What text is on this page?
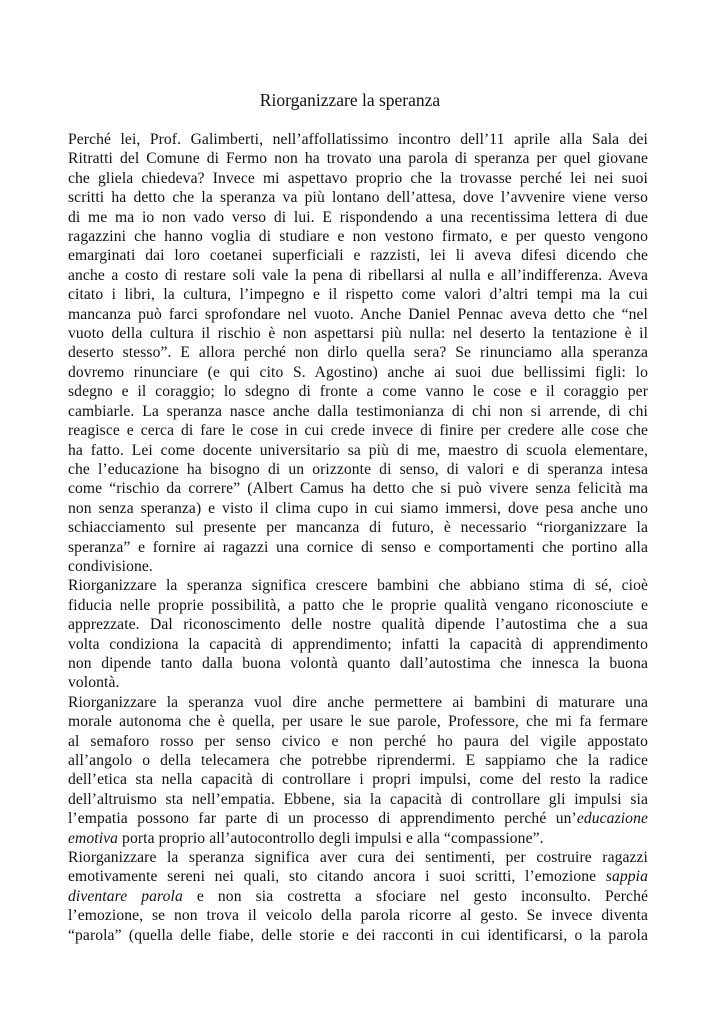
Riorganizzare la speranza
Perché lei, Prof. Galimberti, nell’affollatissimo incontro dell’11 aprile alla Sala dei
Ritratti del Comune di Fermo non ha trovato una parola di speranza per quel giovane
che gliela chiedeva? Invece mi aspettavo proprio che la trovasse perché lei nei suoi
scritti ha detto che la speranza va più lontano dell’attesa, dove l’avvenire viene verso
di me ma io non vado verso di lui. E rispondendo a una recentissima lettera di due
ragazzini che hanno voglia di studiare e non vestono firmato, e per questo vengono
emarginati dai loro coetanei superficiali e razzisti, lei li aveva difesi dicendo che
anche a costo di restare soli vale la pena di ribellarsi al nulla e all’indifferenza. Aveva
citato i libri, la cultura, l’impegno e il rispetto come valori d’altri tempi ma la cui
mancanza può farci sprofondare nel vuoto. Anche Daniel Pennac aveva detto che “nel
vuoto della cultura il rischio è non aspettarsi più nulla: nel deserto la tentazione è il
deserto stesso”. E allora perché non dirlo quella sera? Se rinunciamo alla speranza
dovremo rinunciare (e qui cito S. Agostino) anche ai suoi due bellissimi figli: lo
sdegno e il coraggio; lo sdegno di fronte a come vanno le cose e il coraggio per
cambiarle. La speranza nasce anche dalla testimonianza di chi non si arrende, di chi
reagisce e cerca di fare le cose in cui crede invece di finire per credere alle cose che
ha fatto. Lei come docente universitario sa più di me, maestro di scuola elementare,
che l’educazione ha bisogno di un orizzonte di senso, di valori e di speranza intesa
come “rischio da correre” (Albert Camus ha detto che si può vivere senza felicità ma
non senza speranza) e visto il clima cupo in cui siamo immersi, dove pesa anche uno
schiacciamento sul presente per mancanza di futuro, è necessario “riorganizzare la
speranza” e fornire ai ragazzi una cornice di senso e comportamenti che portino alla
condivisione.
Riorganizzare la speranza significa crescere bambini che abbiano stima di sé, cioè
fiducia nelle proprie possibilità, a patto che le proprie qualità vengano riconosciute e
apprezzate. Dal riconoscimento delle nostre qualità dipende l’autostima che a sua
volta condiziona la capacità di apprendimento; infatti la capacità di apprendimento
non dipende tanto dalla buona volontà quanto dall’autostima che innesca la buona
volontà.
Riorganizzare la speranza vuol dire anche permettere ai bambini di maturare una
morale autonoma che è quella, per usare le sue parole, Professore, che mi fa fermare
al semaforo rosso per senso civico e non perché ho paura del vigile appostato
all’angolo o della telecamera che potrebbe riprendermi. E sappiamo che la radice
dell’etica sta nella capacità di controllare i propri impulsi, come del resto la radice
dell’altruismo sta nell’empatia. Ebbene, sia la capacità di controllare gli impulsi sia
l’empatia possono far parte di un processo di apprendimento perché un’educazione
emotiva porta proprio all’autocontrollo degli impulsi e alla “compassione”.
Riorganizzare la speranza significa aver cura dei sentimenti, per costruire ragazzi
emotivamente sereni nei quali, sto citando ancora i suoi scritti, l’emozione sappia
diventare parola e non sia costretta a sfociare nel gesto inconsulto. Perché
l’emozione, se non trova il veicolo della parola ricorre al gesto. Se invece diventa
“parola” (quella delle fiabe, delle storie e dei racconti in cui identificarsi, o la parola
